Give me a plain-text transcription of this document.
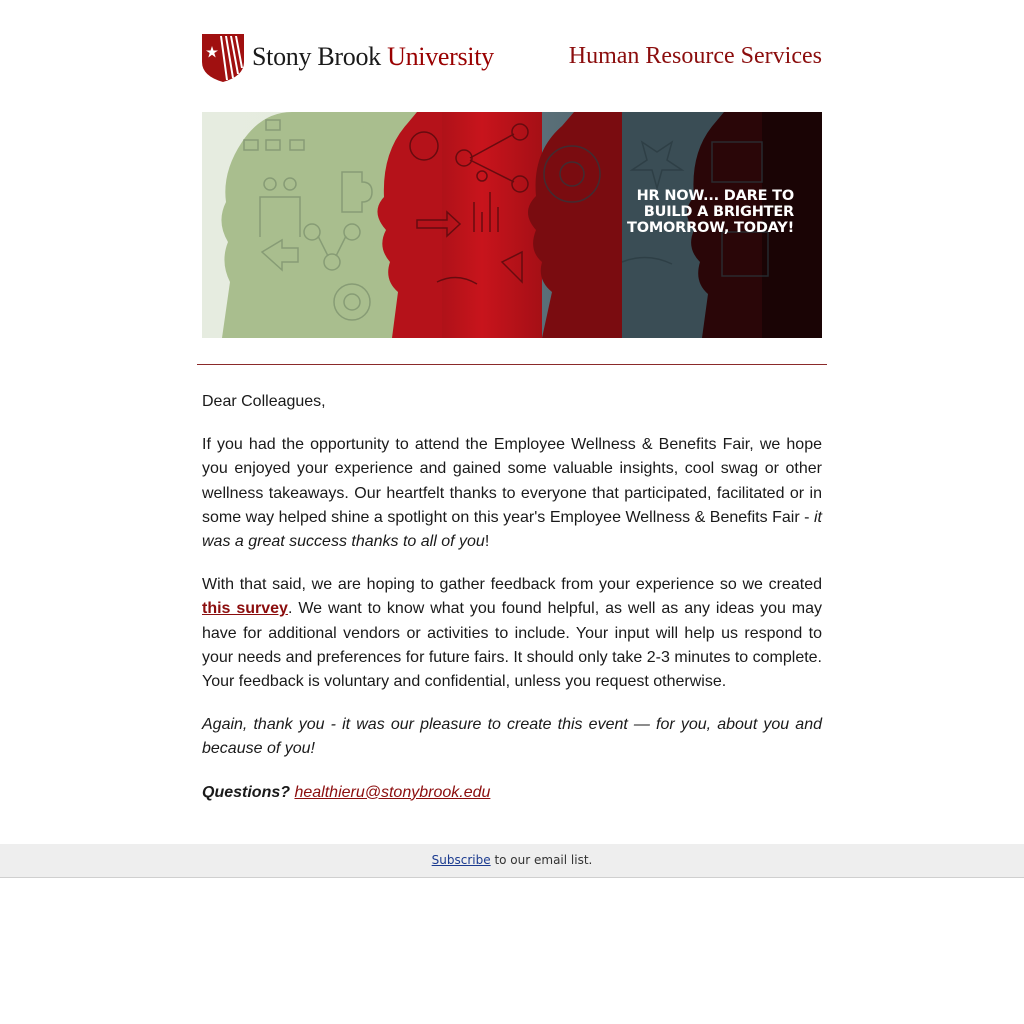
Stony Brook University	Human Resource Services
HR NOW... DARE TO
BUILD A BRIGHTER
TOMORROW, TODAY!

Dear Colleagues,

If you had the opportunity to attend the Employee Wellness & Benefits Fair, we hope you enjoyed your experience and gained some valuable insights, cool swag or other wellness takeaways. Our heartfelt thanks to everyone that participated, facilitated or in some way helped shine a spotlight on this year's Employee Wellness & Benefits Fair - it was a great success thanks to all of you!

With that said, we are hoping to gather feedback from your experience so we created this survey. We want to know what you found helpful, as well as any ideas you may have for additional vendors or activities to include. Your input will help us respond to your needs and preferences for future fairs. It should only take 2-3 minutes to complete. Your feedback is voluntary and confidential, unless you request otherwise.

Again, thank you - it was our pleasure to create this event — for you, about you and because of you!

Questions? healthieru@stonybrook.edu

Subscribe to our email list.
